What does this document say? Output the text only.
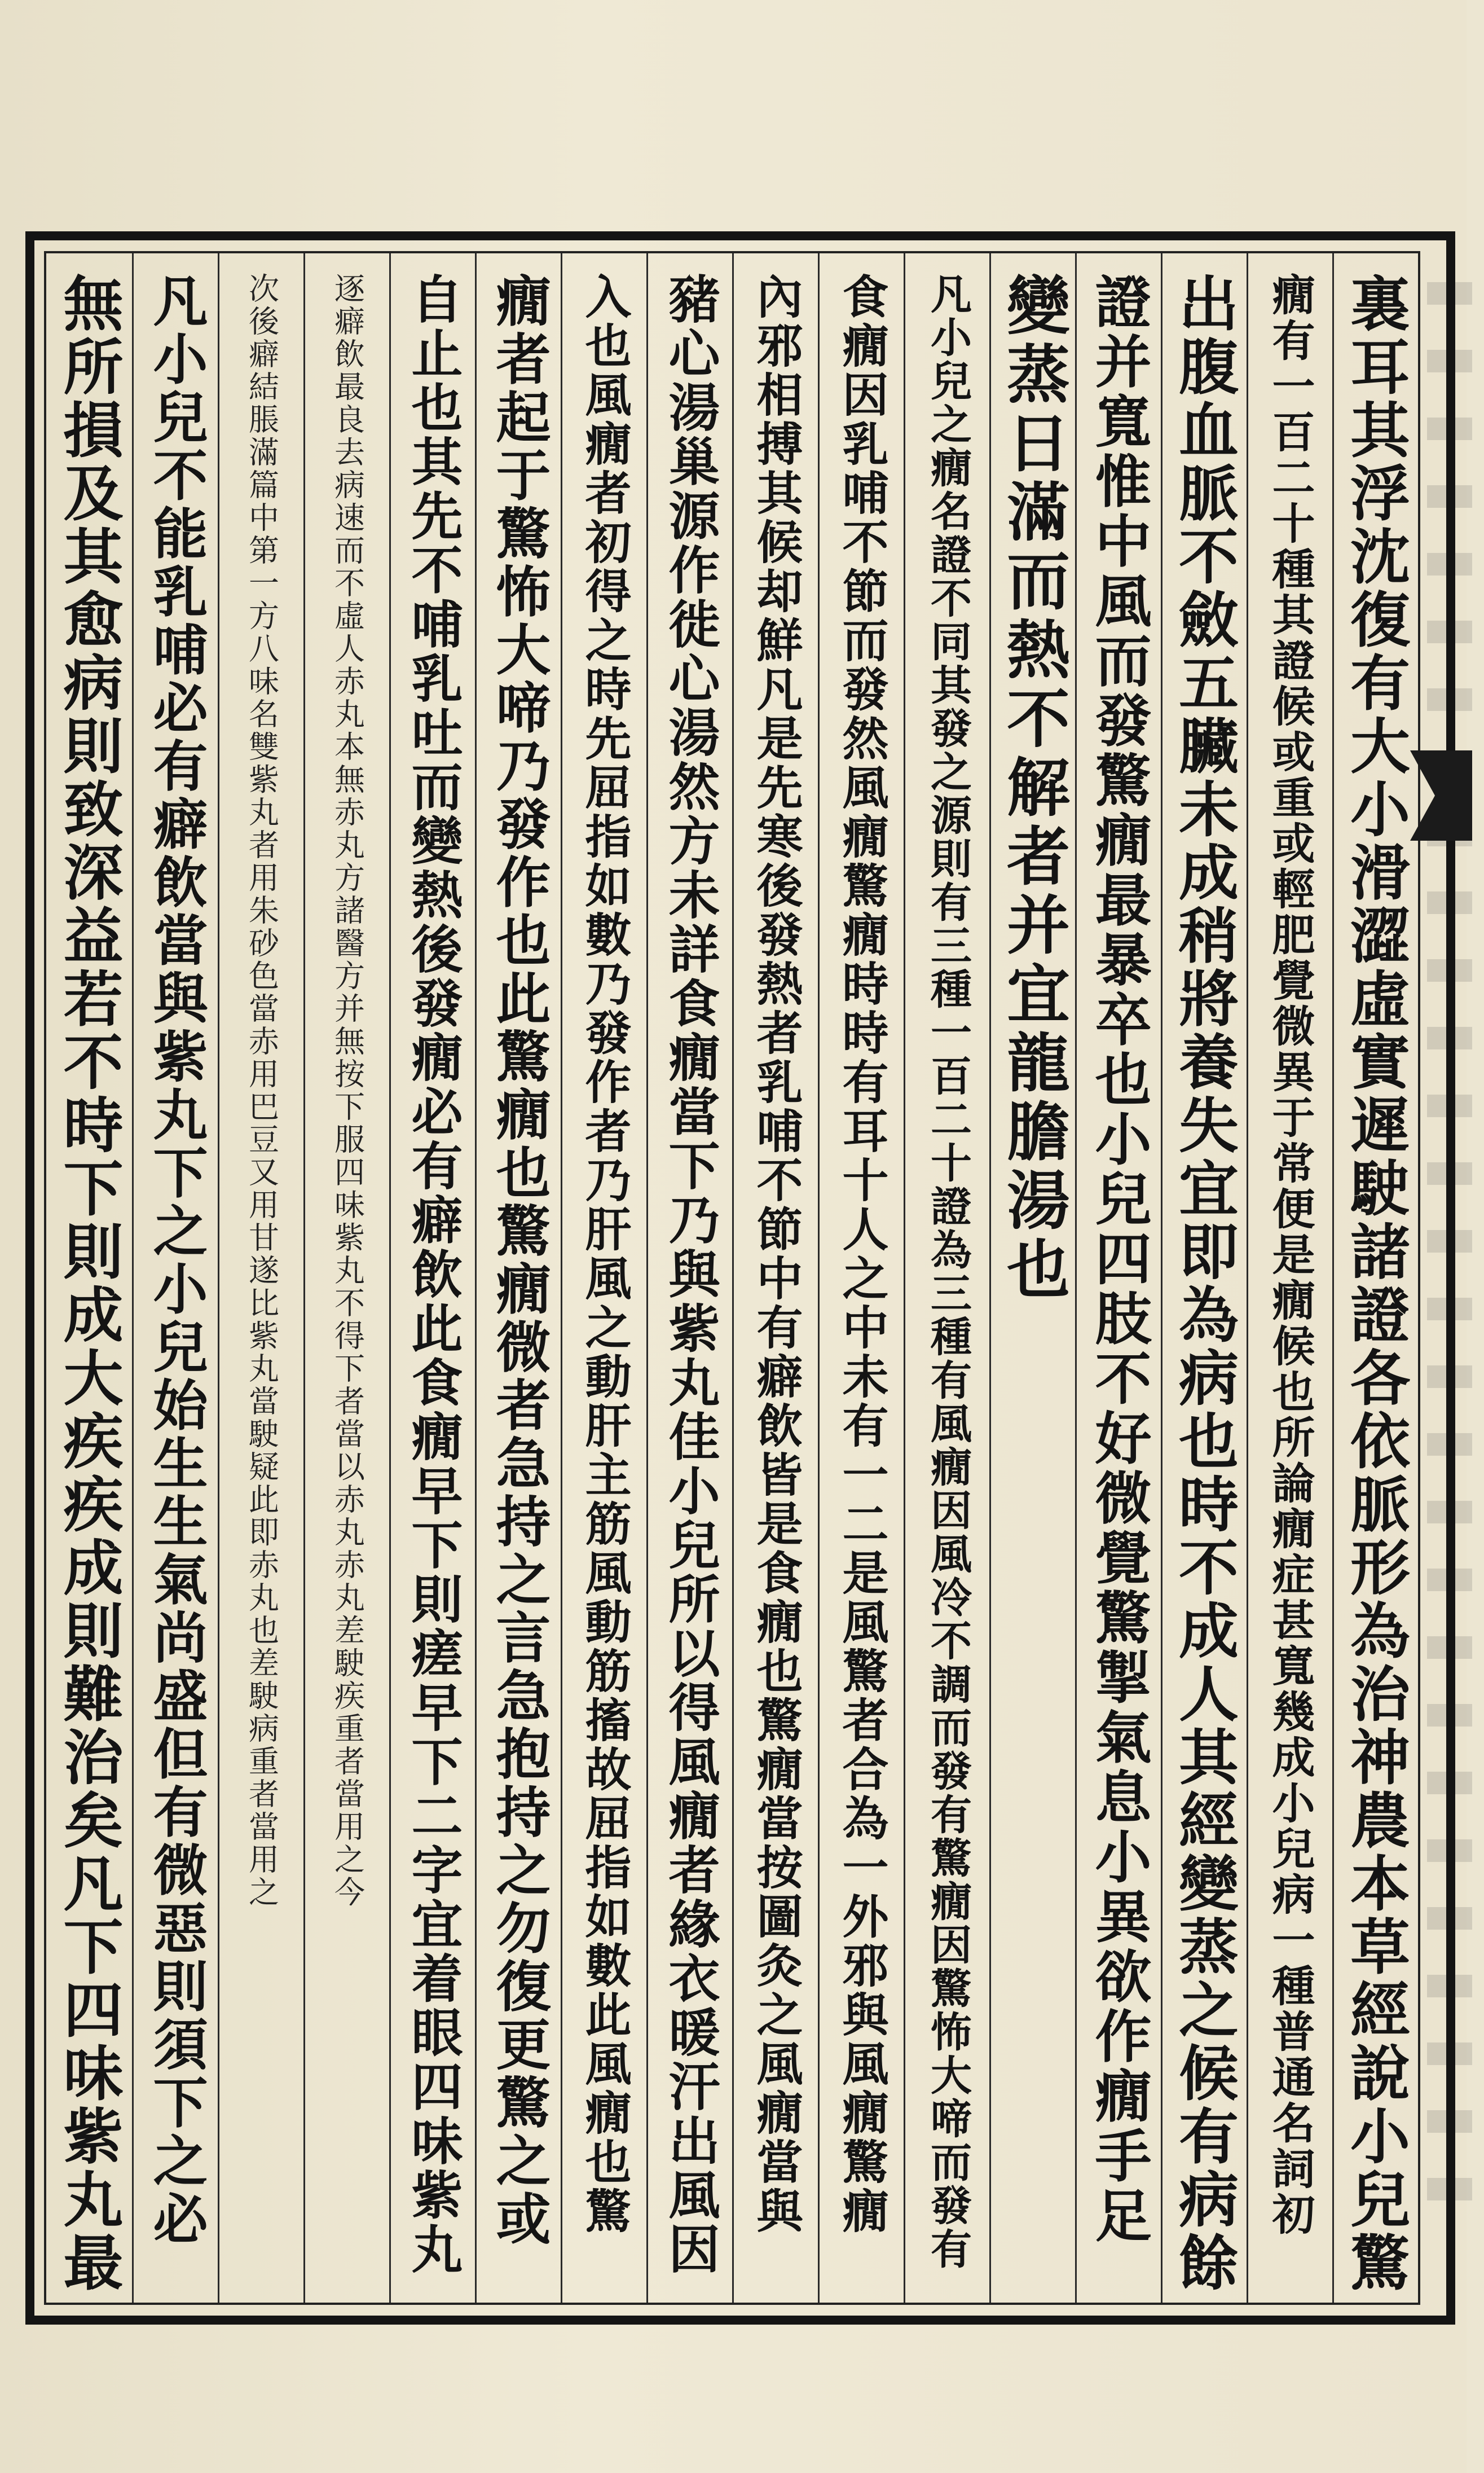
裏耳其浮沈復有大小滑澀虛實遲駛諸證各依脈形為治神農本草經說小兒驚
癇有一百二十種其證候或重或輕肥覺微異于常便是癇候也所論癇症甚寬幾成小兒病一種普通名詞初
出腹血脈不斂五臟未成稍將養失宜即為病也時不成人其經變蒸之候有病餘
證并寬惟中風而發驚癇最暴卒也小兒四肢不好微覺驚掣氣息小異欲作癇手足
變蒸日滿而熱不解者并宜龍膽湯也
凡小兒之癇名證不同其發之源則有三種一百二十證為三種有風癇因風冷不調而發有驚癇因驚怖大啼而發有
食癇因乳哺不節而發然風癇驚癇時時有耳十人之中未有一二是風驚者合為一外邪與風癇驚癇
內邪相搏其候却鮮凡是先寒後發熱者乳哺不節中有癖飲皆是食癇也驚癇當按圖灸之風癇當與
豬心湯巢源作徙心湯然方未詳食癇當下乃與紫丸佳小兒所以得風癇者緣衣暖汗出風因
入也風癇者初得之時先屈指如數乃發作者乃肝風之動肝主筋風動筋搐故屈指如數此風癇也驚
癇者起于驚怖大啼乃發作也此驚癇也驚癇微者急持之言急抱持之勿復更驚之或
自止也其先不哺乳吐而變熱後發癇必有癖飲此食癇早下則瘥早下二字宜着眼四味紫丸
逐癖飲最良去病速而不虛人赤丸本無赤丸方諸醫方并無按下服四味紫丸不得下者當以赤丸赤丸差駛疾重者當用之今
次後癖結脹滿篇中第一方八味名雙紫丸者用朱砂色當赤用巴豆又用甘遂比紫丸當駛疑此即赤丸也差駛病重者當用之
凡小兒不能乳哺必有癖飲當與紫丸下之小兒始生生氣尚盛但有微惡則須下之必
無所損及其愈病則致深益若不時下則成大疾疾成則難治矣凡下四味紫丸最
